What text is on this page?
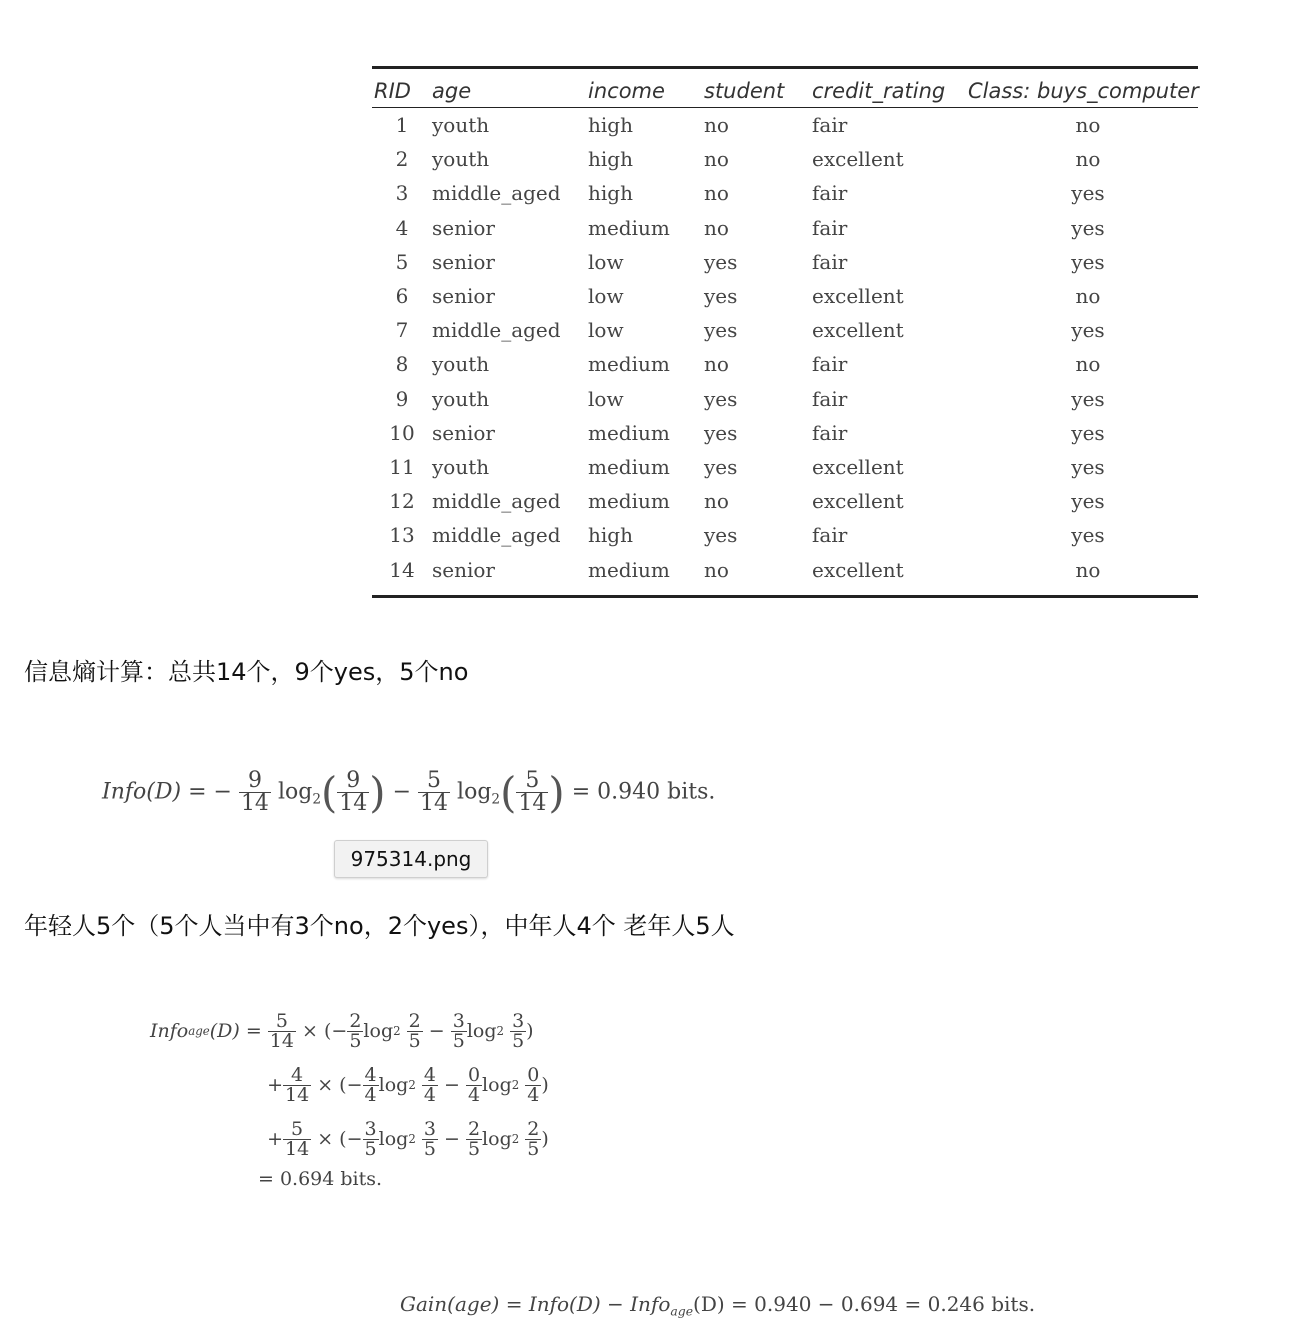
RID	age	income	student	credit_rating	Class: buys_computer
1	youth	high	no	fair	no
2	youth	high	no	excellent	no
3	middle_aged	high	no	fair	yes
4	senior	medium	no	fair	yes
5	senior	low	yes	fair	yes
6	senior	low	yes	excellent	no
7	middle_aged	low	yes	excellent	yes
8	youth	medium	no	fair	no
9	youth	low	yes	fair	yes
10	senior	medium	yes	fair	yes
11	youth	medium	yes	excellent	yes
12	middle_aged	medium	no	excellent	yes
13	middle_aged	high	yes	fair	yes
14	senior	medium	no	excellent	no
信息熵计算：总共14个，9个yes，5个no
Info(D) = − $\frac{9}{14} \log_2( \frac{9}{14}$ ) − $\frac{5}{14} \log_2( \frac{5}{14}$ ) = 0.940 bits.
975314.png
年轻人5个（5个人当中有3个no，2个yes），中年人4个 老年人5人
Info age $(D) = \frac{5}{14}$ × (− $\frac{2}{5}$ log 2
$\frac{2}{5} - \frac{3}{5}$ log 2
$\frac{3}{5}$ )
+ $\frac{4}{14}$ × (− $\frac{4}{4}$ log 2
$\frac{4}{4} - \frac{0}{4}$ log 2
$\frac{0}{4}$ )
+ $\frac{5}{14}$ × (− $\frac{3}{5}$ log 2
$\frac{3}{5} - \frac{2}{5}$ log 2
$\frac{2}{5}$ )
= 0.694 bits.
Gain(age) = Info(D) − Info$_{age}$(D) = 0.940 − 0.694 = 0.246 bits.
